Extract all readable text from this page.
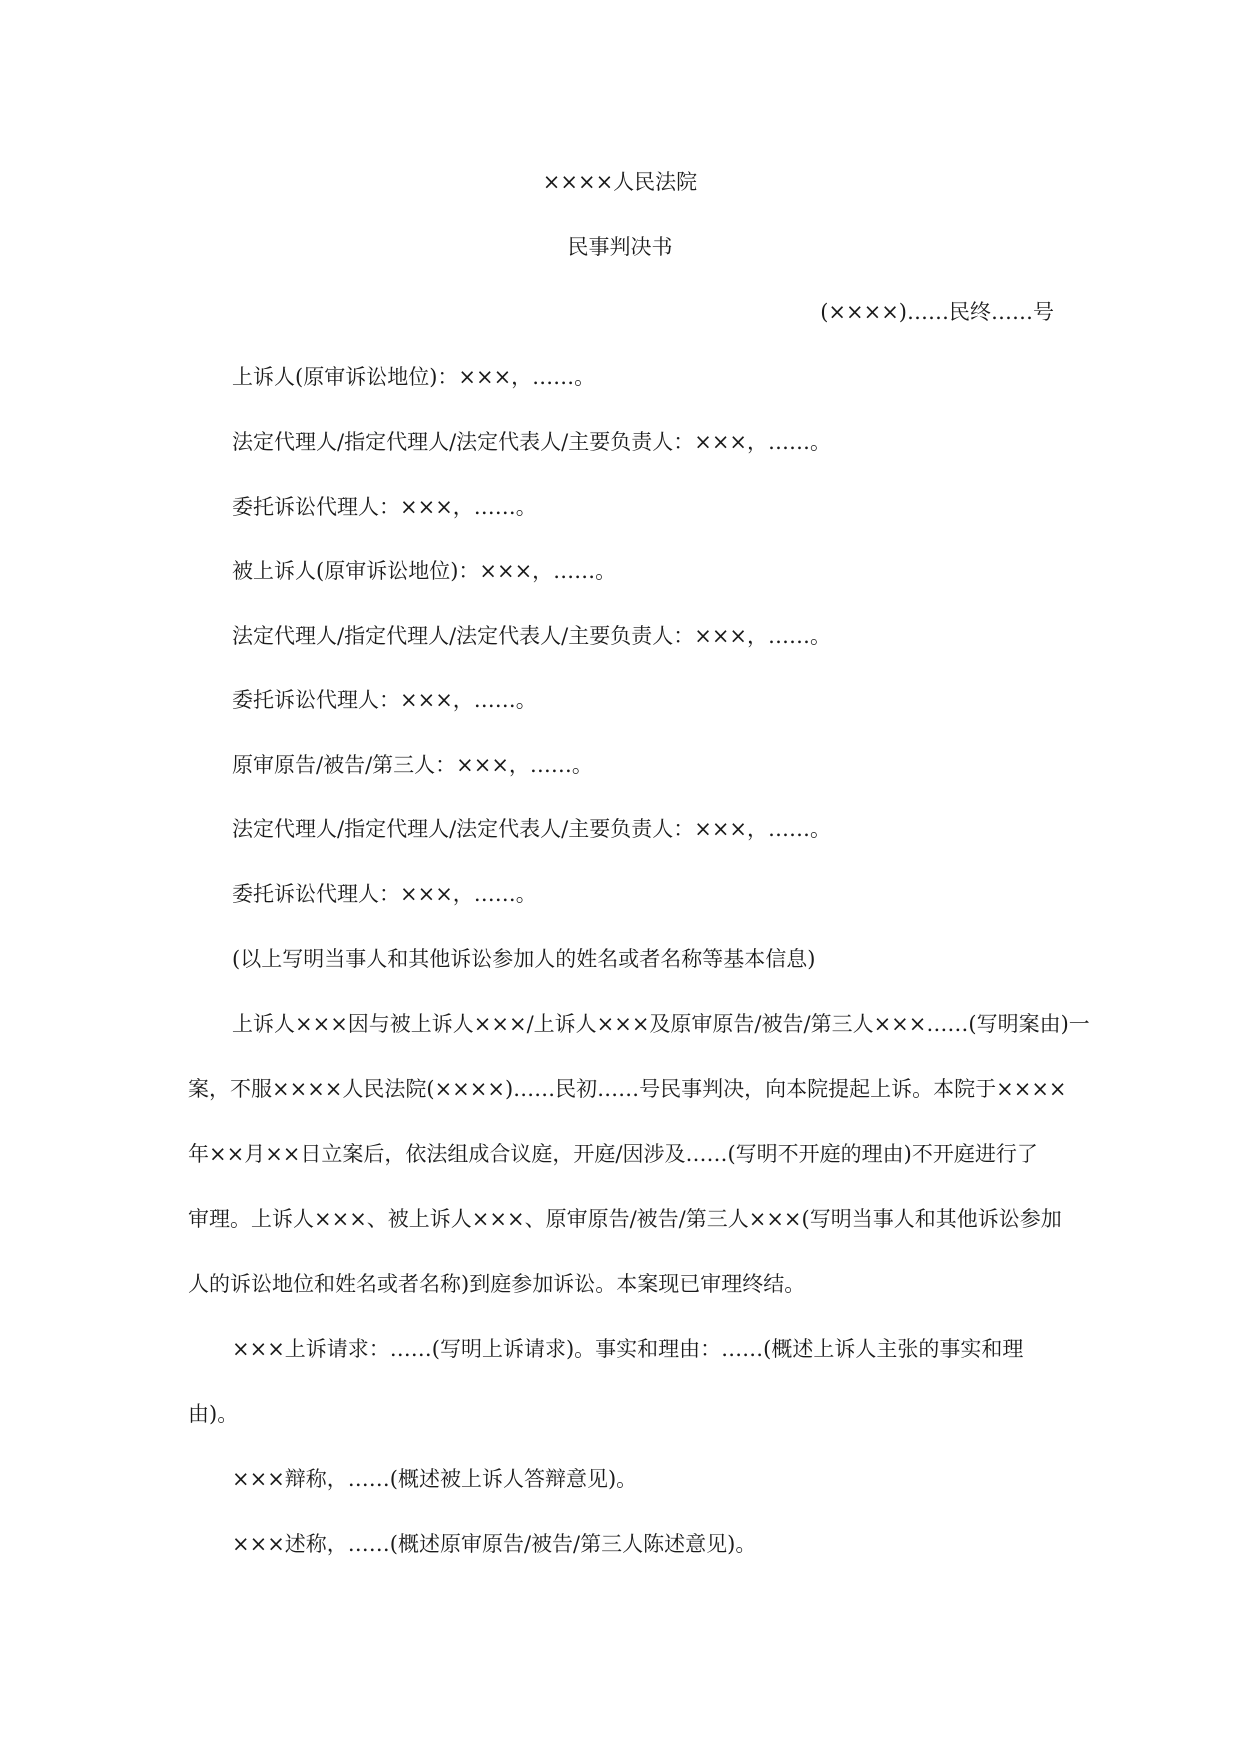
××××人民法院
民事判决书
(××××)……民终……号
上诉人(原审诉讼地位)：×××，……。
法定代理人/指定代理人/法定代表人/主要负责人：×××，……。
委托诉讼代理人：×××，……。
被上诉人(原审诉讼地位)：×××，……。
法定代理人/指定代理人/法定代表人/主要负责人：×××，……。
委托诉讼代理人：×××，……。
原审原告/被告/第三人：×××，……。
法定代理人/指定代理人/法定代表人/主要负责人：×××，……。
委托诉讼代理人：×××，……。
(以上写明当事人和其他诉讼参加人的姓名或者名称等基本信息)
上诉人×××因与被上诉人×××/上诉人×××及原审原告/被告/第三人×××……(写明案由)一
案，不服××××人民法院(××××)……民初……号民事判决，向本院提起上诉。本院于××××
年××月××日立案后，依法组成合议庭，开庭/因涉及……(写明不开庭的理由)不开庭进行了
审理。上诉人×××、被上诉人×××、原审原告/被告/第三人×××(写明当事人和其他诉讼参加
人的诉讼地位和姓名或者名称)到庭参加诉讼。本案现已审理终结。
×××上诉请求：……(写明上诉请求)。事实和理由：……(概述上诉人主张的事实和理
由)。
×××辩称，……(概述被上诉人答辩意见)。
×××述称，……(概述原审原告/被告/第三人陈述意见)。
